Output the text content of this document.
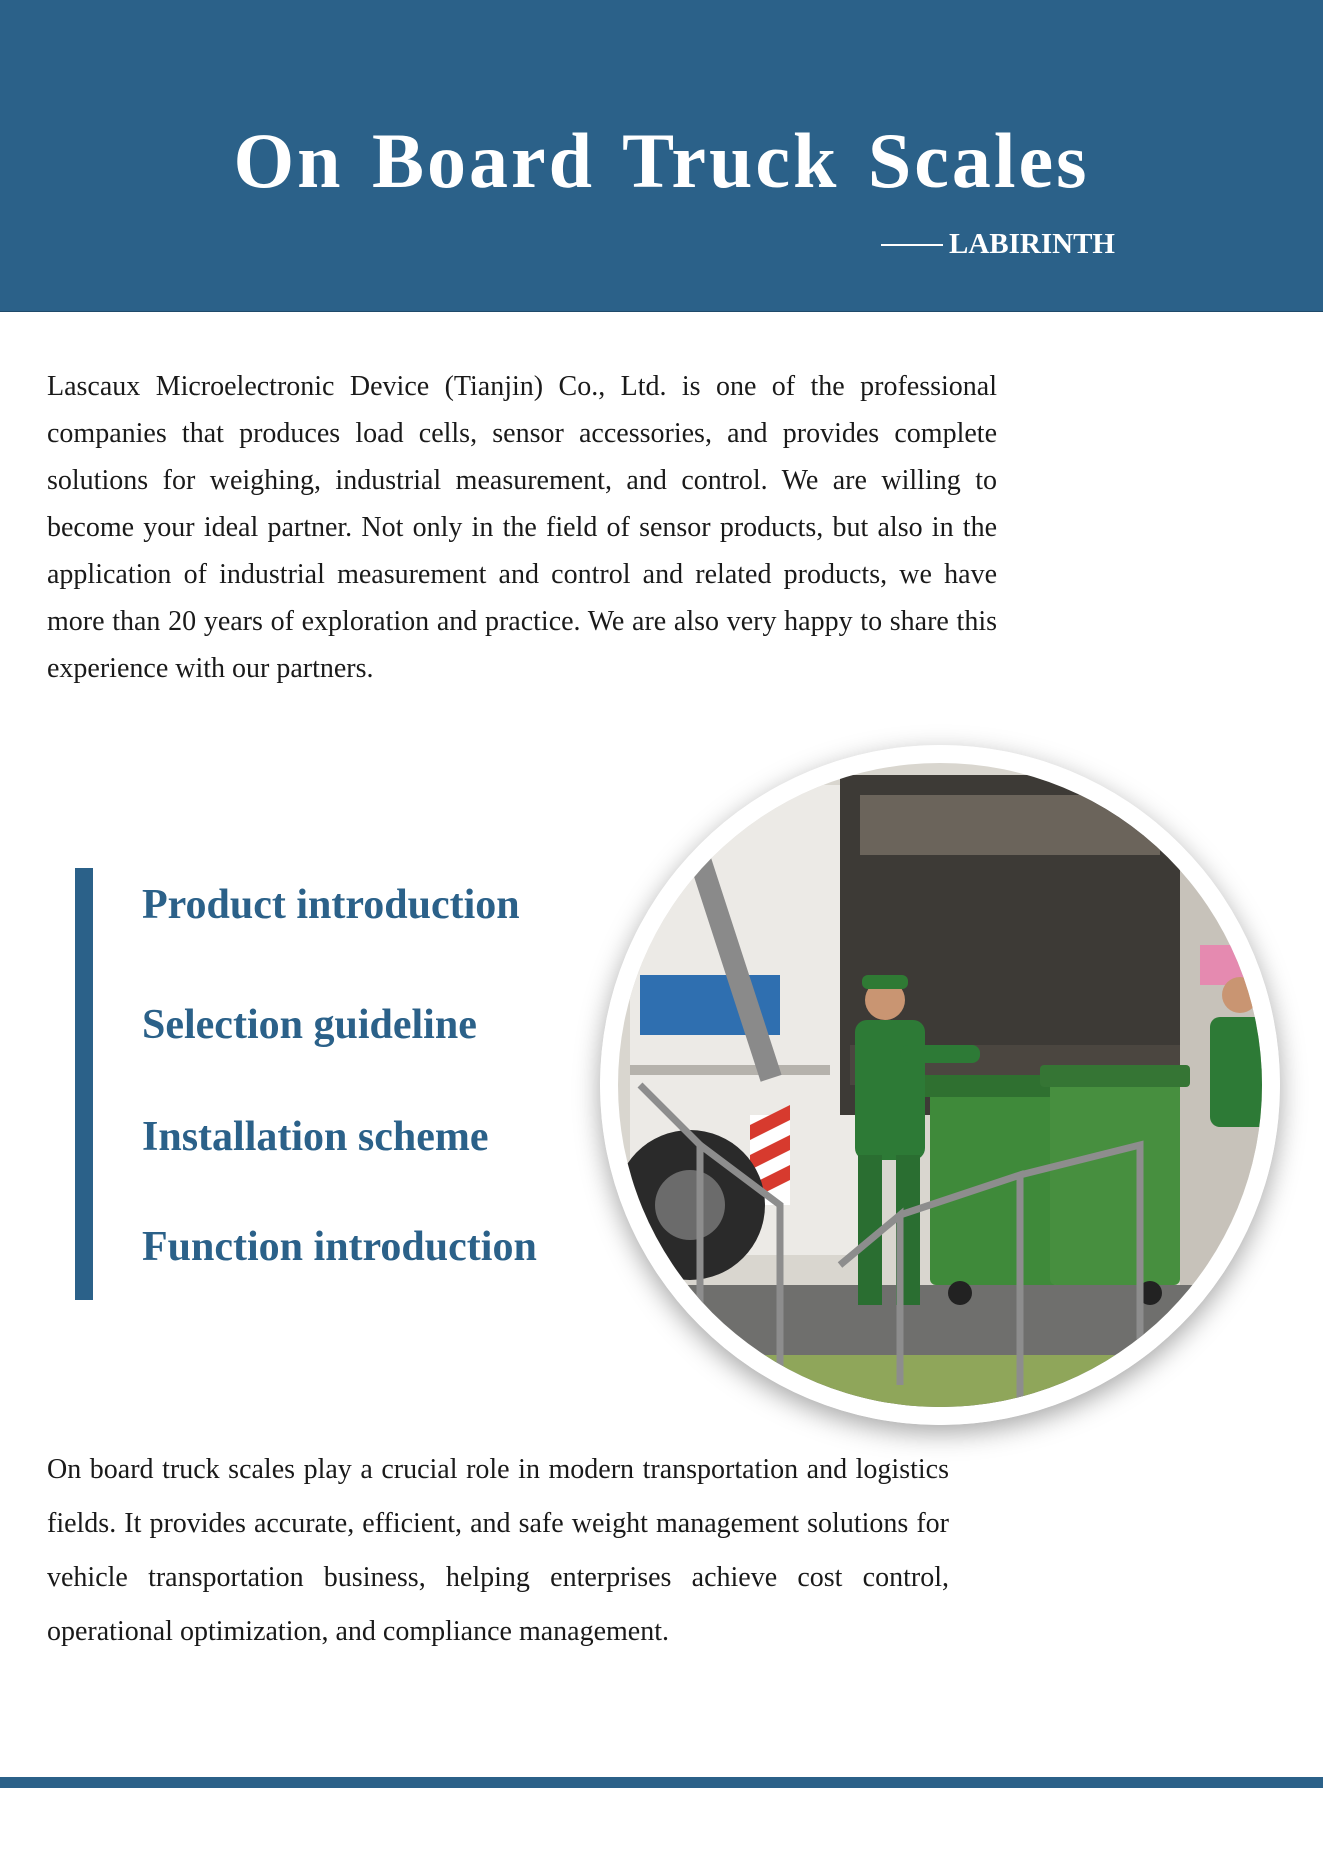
On Board Truck Scales
LABIRINTH

Lascaux Microelectronic Device (Tianjin) Co., Ltd. is one of the professional companies that produces load cells, sensor accessories, and provides complete solutions for weighing, industrial measurement, and control. We are willing to become your ideal partner. Not only in the field of sensor products, but also in the application of industrial measurement and control and related products, we have more than 20 years of exploration and practice. We are also very happy to share this experience with our partners.

Product introduction
Selection guideline
Installation scheme
Function introduction

On board truck scales play a crucial role in modern transportation and logistics fields. It provides accurate, efficient, and safe weight management solutions for vehicle transportation business, helping enterprises achieve cost control, operational optimization, and compliance management.
